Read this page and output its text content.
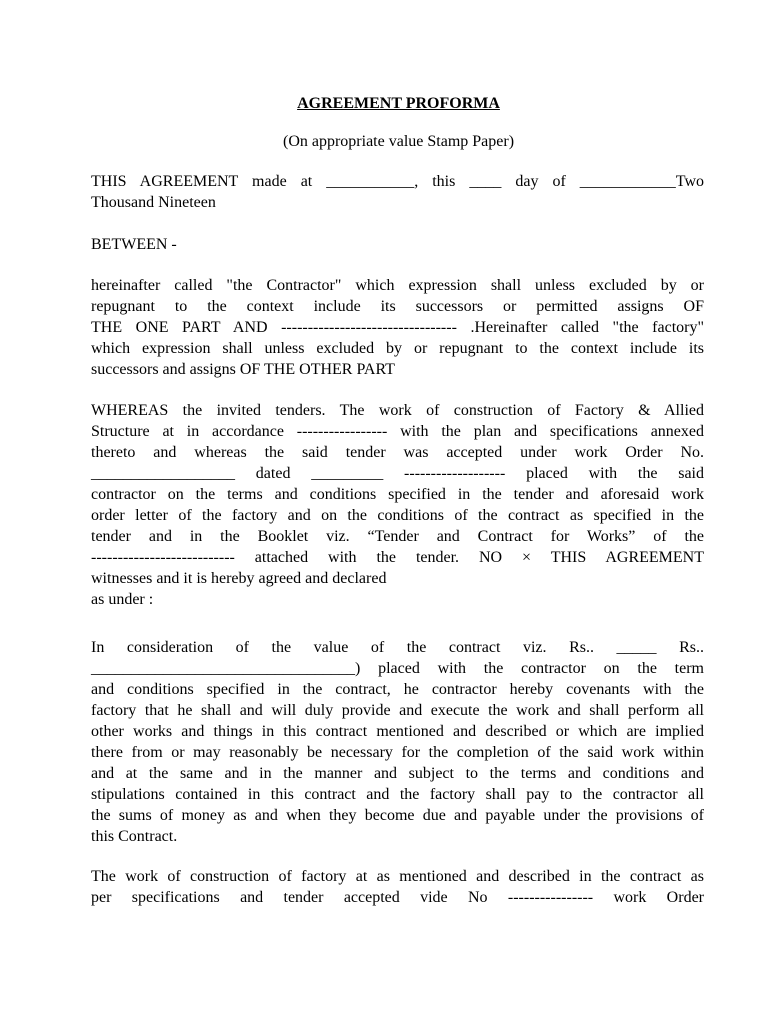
AGREEMENT PROFORMA
(On appropriate value Stamp Paper)
THIS AGREEMENT made at ___________, this ____ day of ____________Two
Thousand Nineteen
BETWEEN -
hereinafter called "the Contractor" which expression shall unless excluded by or
repugnant to the context include its successors or permitted assigns OF
THE ONE PART AND --------------------------------- .Hereinafter called "the factory"
which expression shall unless excluded by or repugnant to the context include its
successors and assigns OF THE OTHER PART
WHEREAS the invited tenders. The work of construction of Factory & Allied
Structure at in accordance ----------------- with the plan and specifications annexed
thereto and whereas the said tender was accepted under work Order No.
__________________ dated _________ ------------------- placed with the said
contractor on the terms and conditions specified in the tender and aforesaid work
order letter of the factory and on the conditions of the contract as specified in the
tender and in the Booklet viz. “Tender and Contract for Works” of the
--------------------------- attached with the tender. NO × THIS AGREEMENT
witnesses and it is hereby agreed and declared
as under :
In consideration of the value of the contract viz. Rs.. _____ Rs..
_________________________________) placed with the contractor on the term
and conditions specified in the contract, he contractor hereby covenants with the
factory that he shall and will duly provide and execute the work and shall perform all
other works and things in this contract mentioned and described or which are implied
there from or may reasonably be necessary for the completion of the said work within
and at the same and in the manner and subject to the terms and conditions and
stipulations contained in this contract and the factory shall pay to the contractor all
the sums of money as and when they become due and payable under the provisions of
this Contract.
The work of construction of factory at as mentioned and described in the contract as
per specifications and tender accepted vide No ---------------- work Order
